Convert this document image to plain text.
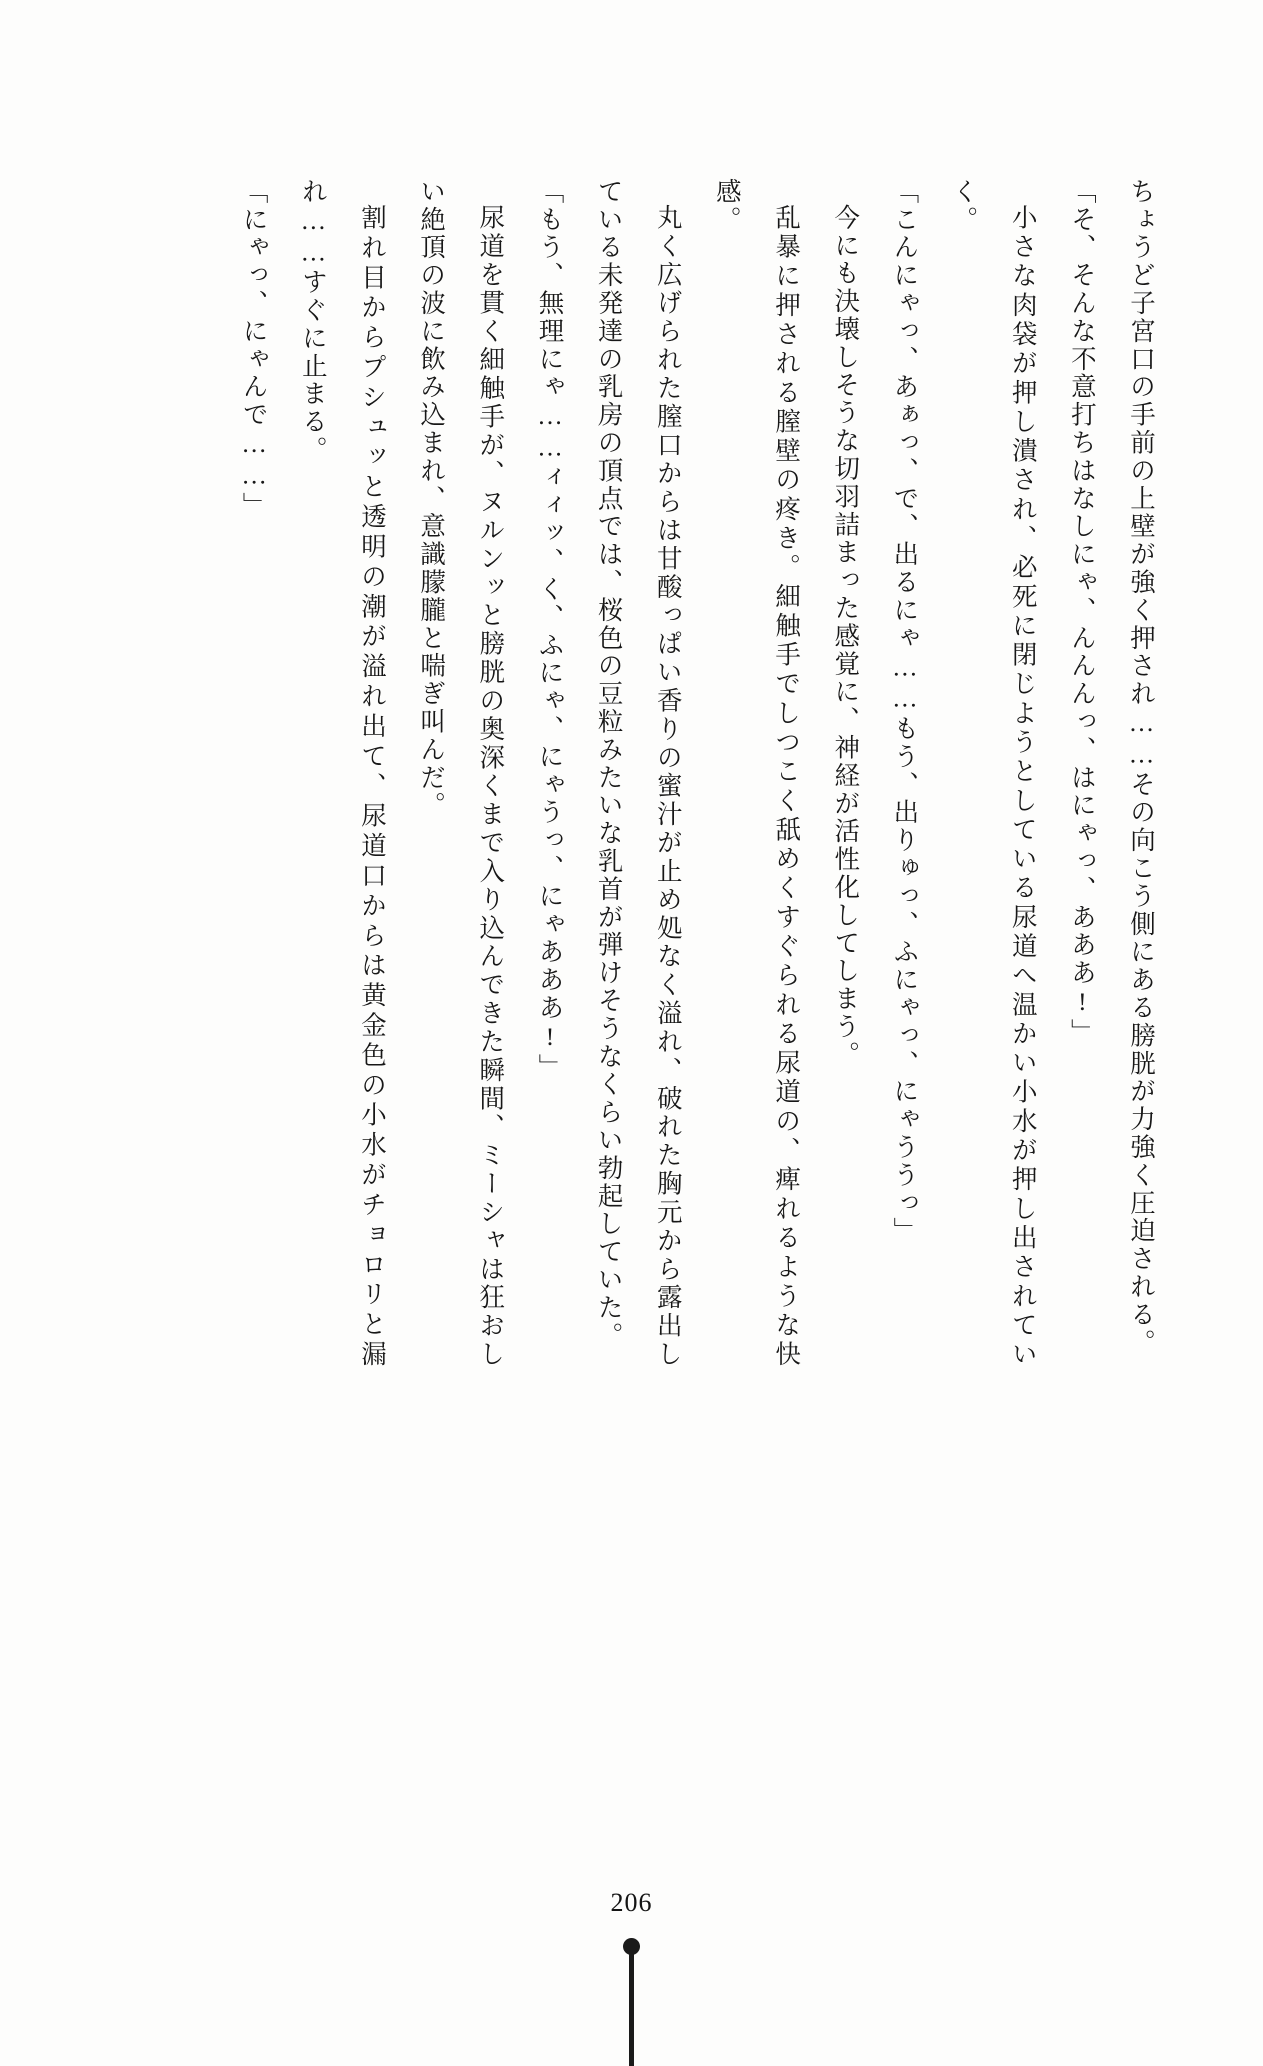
ちょうど子宮口の手前の上壁が強く押され……その向こう側にある膀胱が力強く圧迫される。

「そ、そんな不意打ちはなしにゃ、んんんっ、はにゃっ、あああ!」

小さな肉袋が押し潰され、必死に閉じようとしている尿道へ温かい小水が押し出されていく。

「こんにゃっ、あぁっ、で、出るにゃ……もう、出りゅっ、ふにゃっ、にゃううっ」

今にも決壊しそうな切羽詰まった感覚に、神経が活性化してしまう。

乱暴に押される膣壁の疼き。細触手でしつこく舐めくすぐられる尿道の、痺れるような快感。

丸く広げられた膣口からは甘酸っぱい香りの蜜汁が止め処なく溢れ、破れた胸元から露出している未発達の乳房の頂点では、桜色の豆粒みたいな乳首が弾けそうなくらい勃起していた。

「もう、無理にゃ……ィィッ、く、ふにゃ、にゃうっ、にゃあああ!」

尿道を貫く細触手が、ヌルンッと膀胱の奥深くまで入り込んできた瞬間、ミーシャは狂おしい絶頂の波に飲み込まれ、意識朦朧と喘ぎ叫んだ。

割れ目からプシュッと透明の潮が溢れ出て、尿道口からは黄金色の小水がチョロリと漏れ……すぐに止まる。

「にゃっ、にゃんで……」

206
